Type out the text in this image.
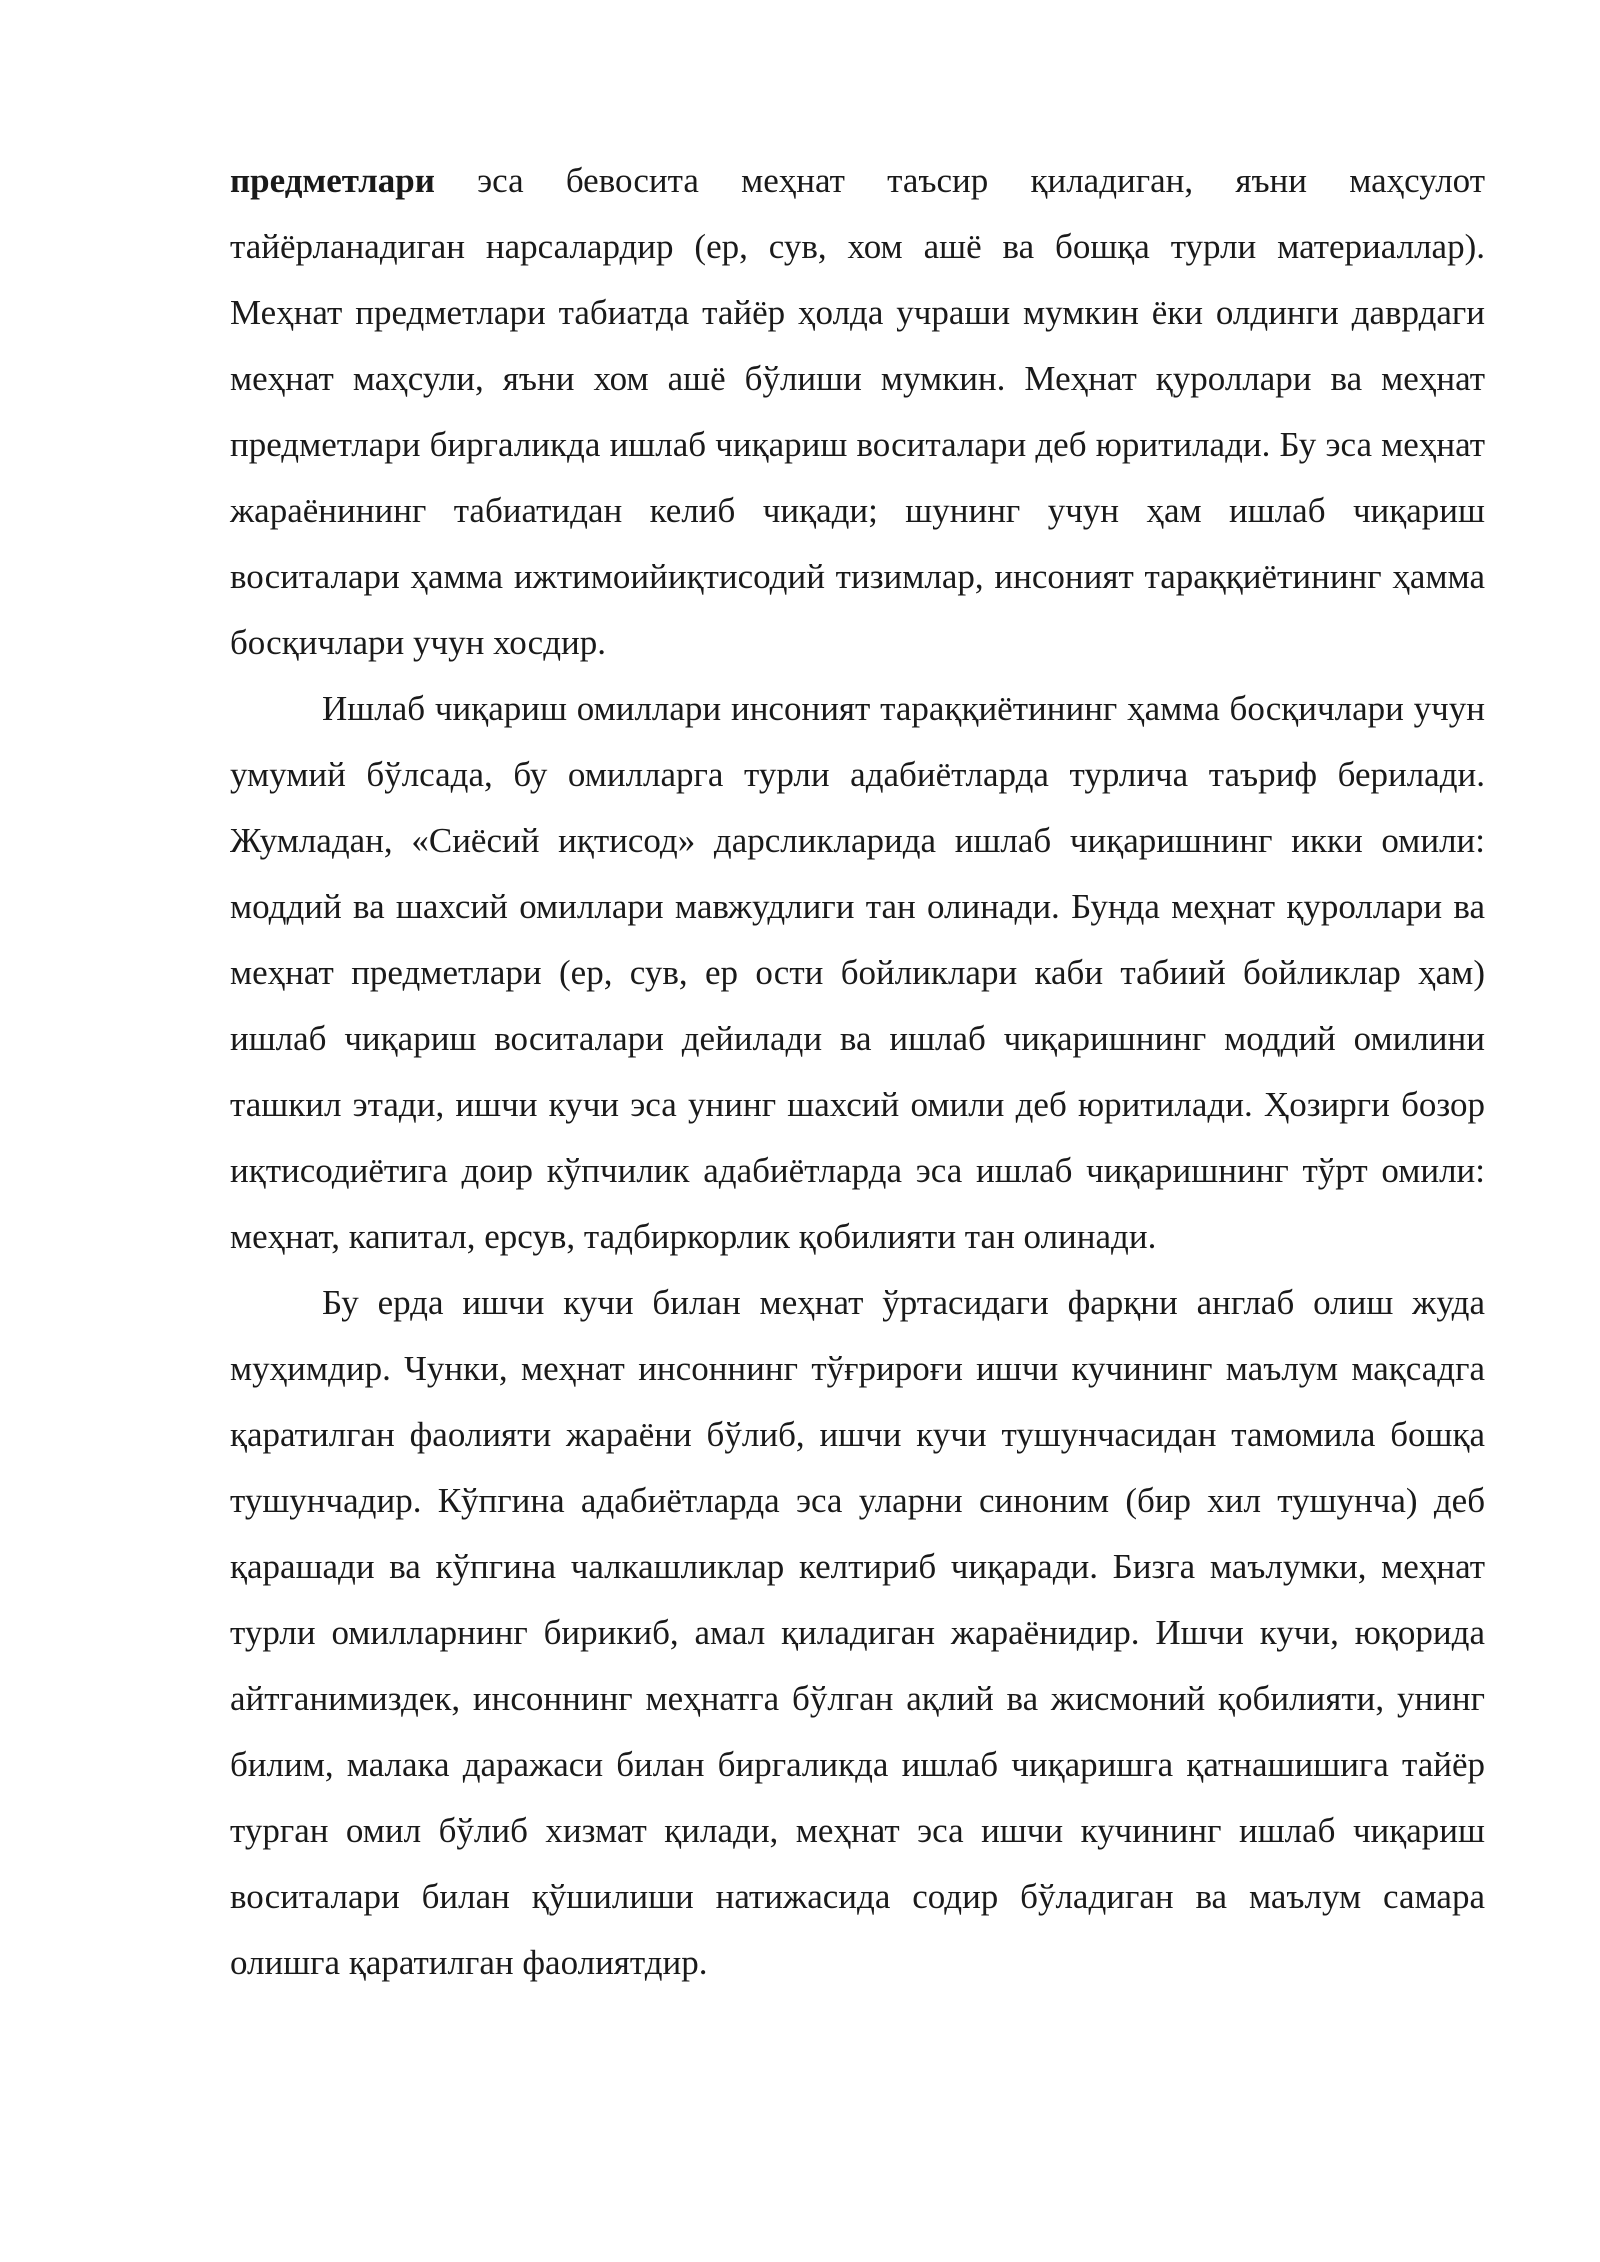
предметлари эса бевосита меҳнат таъсир қиладиган, яъни маҳсулот тайёрланадиган нарсалардир (ер, сув, хом ашё ва бошқа турли материаллар). Меҳнат предметлари табиатда тайёр ҳолда учраши мумкин ёки олдинги даврдаги меҳнат маҳсули, яъни хом ашё бўлиши мумкин. Меҳнат қуроллари ва меҳнат предметлари биргаликда ишлаб чиқариш воситалари деб юритилади. Бу эса меҳнат жараёнининг табиатидан келиб чиқади; шунинг учун ҳам ишлаб чиқариш воситалари ҳамма ижтимоийиқтисодий тизимлар, инсоният тараққиётининг ҳамма босқичлари учун хосдир.

Ишлаб чиқариш омиллари инсоният тараққиётининг ҳамма босқичлари учун умумий бўлсада, бу омилларга турли адабиётларда турлича таъриф берилади. Жумладан, «Сиёсий иқтисод» дарсликларида ишлаб чиқаришнинг икки омили: моддий ва шахсий омиллари мавжудлиги тан олинади. Бунда меҳнат қуроллари ва меҳнат предметлари (ер, сув, ер ости бойликлари каби табиий бойликлар ҳам) ишлаб чиқариш воситалари дейилади ва ишлаб чиқаришнинг моддий омилини ташкил этади, ишчи кучи эса унинг шахсий омили деб юритилади. Ҳозирги бозор иқтисодиётига доир кўпчилик адабиётларда эса ишлаб чиқаришнинг тўрт омили: меҳнат, капитал, ерсув, тадбиркорлик қобилияти тан олинади.

Бу ерда ишчи кучи билан меҳнат ўртасидаги фарқни англаб олиш жуда муҳимдир. Чунки, меҳнат инсоннинг тўғрироғи ишчи кучининг маълум мақсадга қаратилган фаолияти жараёни бўлиб, ишчи кучи тушунчасидан тамомила бошқа тушунчадир. Кўпгина адабиётларда эса уларни синоним (бир хил тушунча) деб қарашади ва кўпгина чалкашликлар келтириб чиқаради. Бизга маълумки, меҳнат турли омилларнинг бирикиб, амал қиладиган жараёнидир. Ишчи кучи, юқорида айтганимиздек, инсоннинг меҳнатга бўлган ақлий ва жисмоний қобилияти, унинг билим, малака даражаси билан биргаликда ишлаб чиқаришга қатнашишига тайёр турган омил бўлиб хизмат қилади, меҳнат эса ишчи кучининг ишлаб чиқариш воситалари билан қўшилиши натижасида содир бўладиган ва маълум самара олишга қаратилган фаолиятдир.
